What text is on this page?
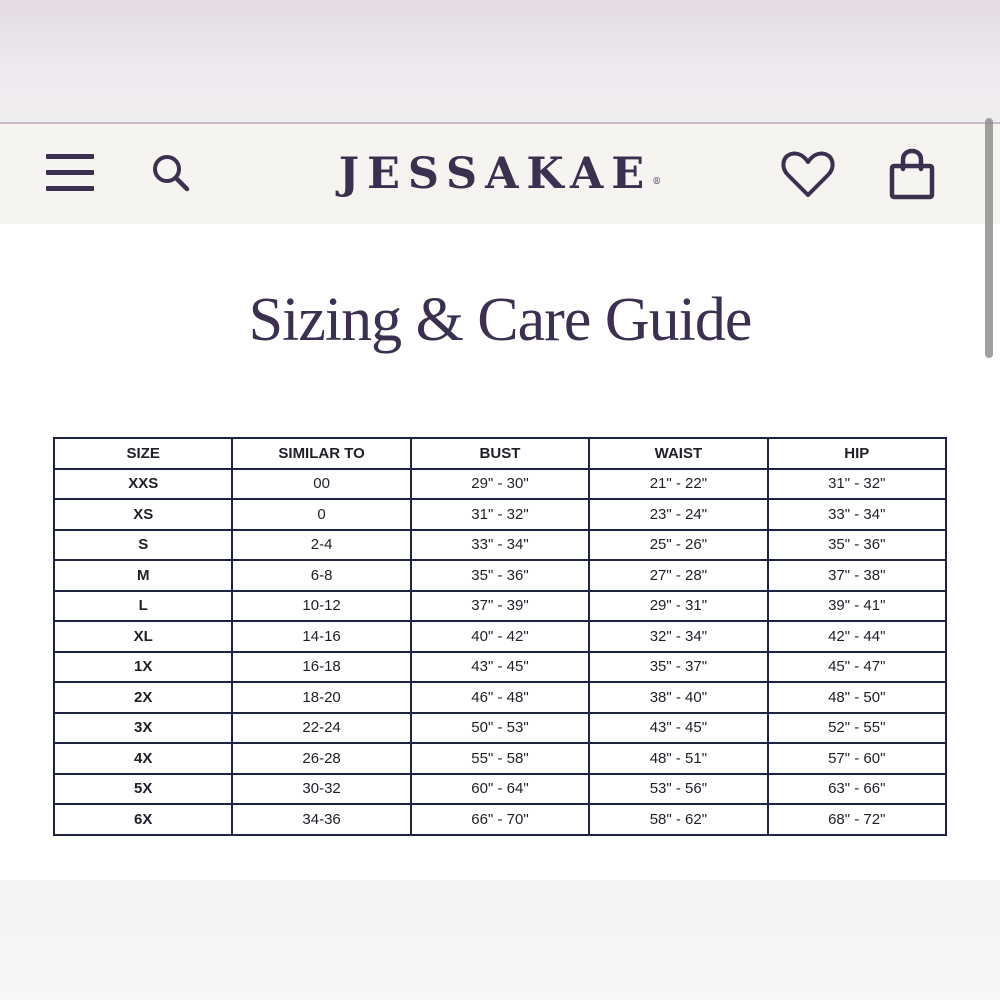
JESSAKAE®
Sizing & Care Guide
SIZE	SIMILAR TO	BUST	WAIST	HIP
XXS	00	29" - 30"	21" - 22"	31" - 32"
XS	0	31" - 32"	23" - 24"	33" - 34"
S	2-4	33" - 34"	25" - 26"	35" - 36"
M	6-8	35" - 36"	27" - 28"	37" - 38"
L	10-12	37" - 39"	29" - 31"	39" - 41"
XL	14-16	40" - 42"	32" - 34"	42" - 44"
1X	16-18	43" - 45"	35" - 37"	45" - 47"
2X	18-20	46" - 48"	38" - 40"	48" - 50"
3X	22-24	50" - 53"	43" - 45"	52" - 55"
4X	26-28	55" - 58"	48" - 51"	57" - 60"
5X	30-32	60" - 64"	53" - 56"	63" - 66"
6X	34-36	66" - 70"	58" - 62"	68" - 72"
